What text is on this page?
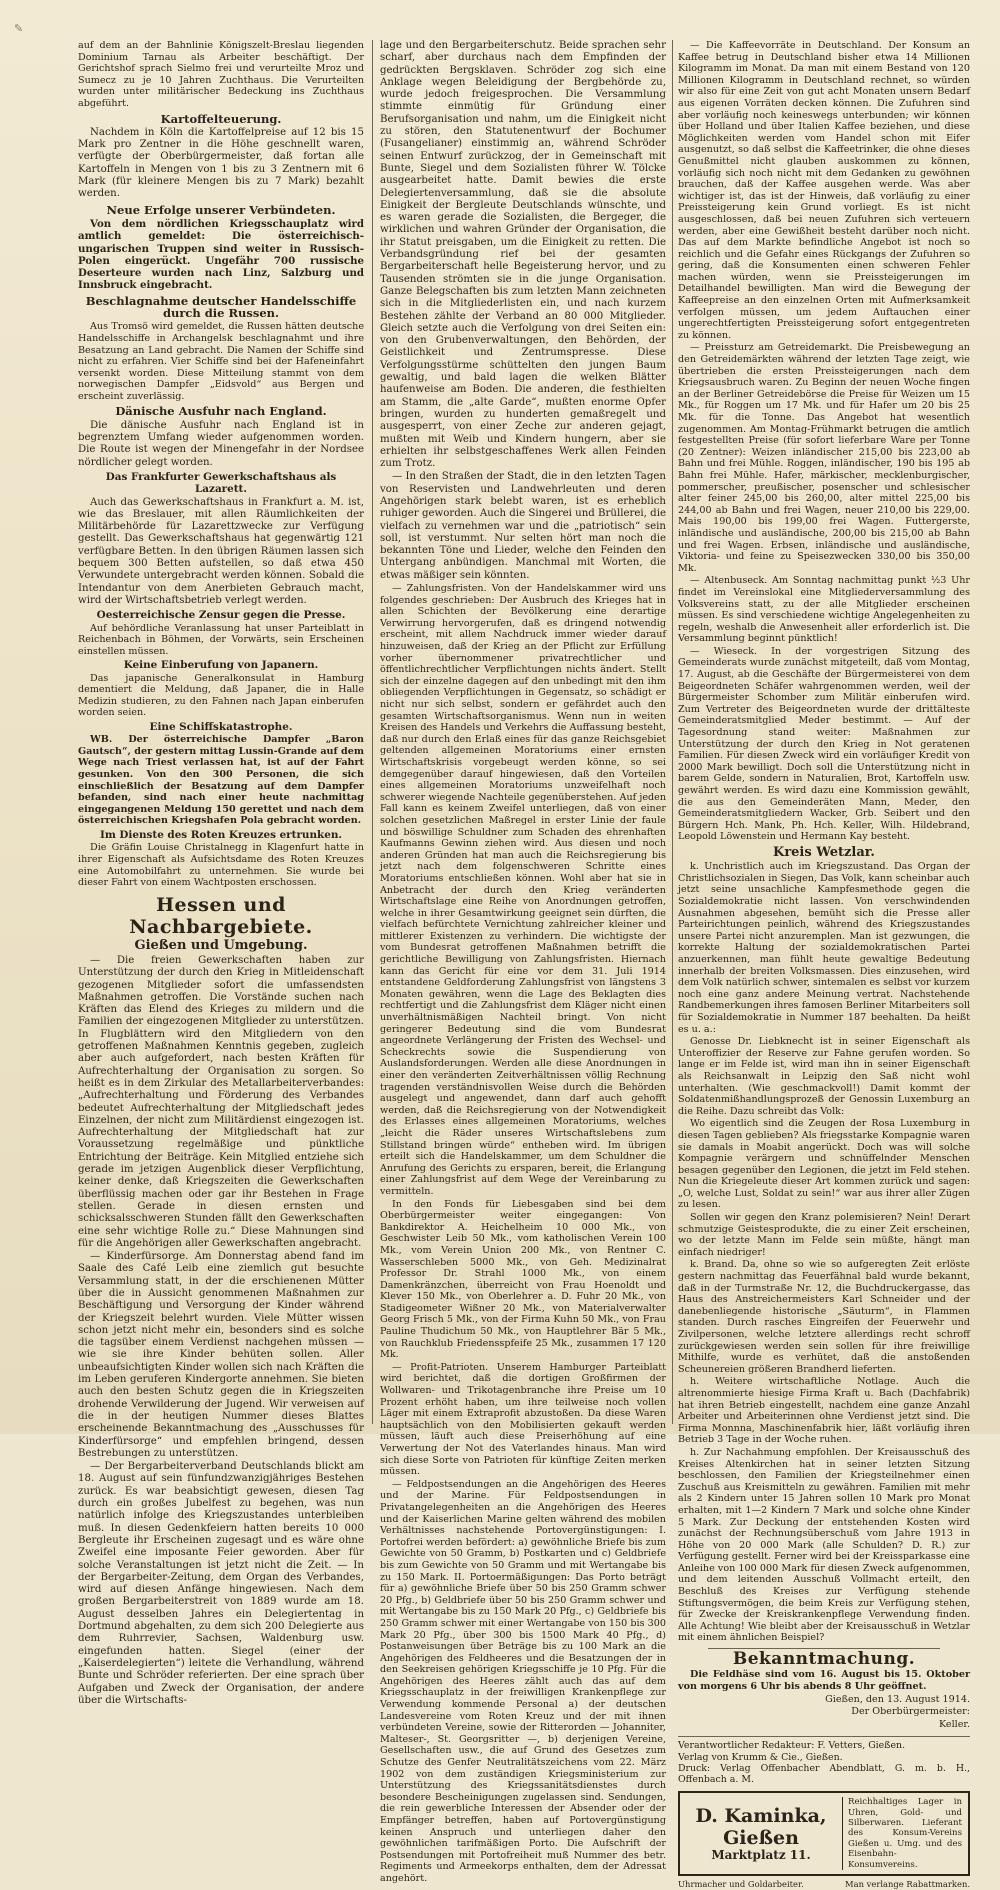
✎

auf dem an der Bahnlinie Königszelt-Breslau liegenden Dominium Tarnau als Arbeiter beschäftigt. Der Gerichtshof sprach Sielmo frei und verurteilte Mroz und Sumecz zu je 10 Jahren Zuchthaus. Die Verurteilten wurden unter militärischer Bedeckung ins Zuchthaus abgeführt.

Kartoffelteuerung.

Nachdem in Köln die Kartoffelpreise auf 12 bis 15 Mark pro Zentner in die Höhe geschnellt waren, verfügte der Oberbürgermeister, daß fortan alle Kartoffeln in Mengen von 1 bis zu 3 Zentnern mit 6 Mark (für kleinere Mengen bis zu 7 Mark) bezahlt werden.

Neue Erfolge unserer Verbündeten.

Von dem nördlichen Kriegsschauplatz wird amtlich gemeldet: Die österreichisch-ungarischen Truppen sind weiter in Russisch-Polen eingerückt. Ungefähr 700 russische Deserteure wurden nach Linz, Salzburg und Innsbruck eingebracht.

Beschlagnahme deutscher Handelsschiffe durch die Russen.

Aus Tromsö wird gemeldet, die Russen hätten deutsche Handelsschiffe in Archangelsk beschlagnahmt und ihre Besatzung an Land gebracht. Die Namen der Schiffe sind nicht zu erfahren. Vier Schiffe sind bei der Hafeneinfahrt versenkt worden. Diese Mitteilung stammt von dem norwegischen Dampfer „Eidsvold“ aus Bergen und erscheint zuverlässig.

Dänische Ausfuhr nach England.

Die dänische Ausfuhr nach England ist in begrenztem Umfang wieder aufgenommen worden. Die Route ist wegen der Minengefahr in der Nordsee nördlicher gelegt worden.

Das Frankfurter Gewerkschaftshaus als Lazarett.

Auch das Gewerkschaftshaus in Frankfurt a. M. ist, wie das Breslauer, mit allen Räumlichkeiten der Militärbehörde für Lazarettzwecke zur Verfügung gestellt. Das Gewerkschaftshaus hat gegenwärtig 121 verfügbare Betten. In den übrigen Räumen lassen sich bequem 300 Betten aufstellen, so daß etwa 450 Verwundete untergebracht werden können. Sobald die Intendantur von dem Anerbieten Gebrauch macht, wird der Wirtschaftsbetrieb verlegt werden.

Oesterreichische Zensur gegen die Presse.

Auf behördliche Veranlassung hat unser Parteiblatt in Reichenbach in Böhmen, der Vorwärts, sein Erscheinen einstellen müssen.

Keine Einberufung von Japanern.

Das japanische Generalkonsulat in Hamburg dementiert die Meldung, daß Japaner, die in Halle Medizin studieren, zu den Fahnen nach Japan einberufen worden seien.

Eine Schiffskatastrophe.

WB. Der österreichische Dampfer „Baron Gautsch“, der gestern mittag Lussin-Grande auf dem Wege nach Triest verlassen hat, ist auf der Fahrt gesunken. Von den 300 Personen, die sich einschließlich der Besatzung auf dem Dampfer befanden, sind nach einer heute nachmittag eingegangenen Meldung 150 gerettet und nach dem österreichischen Kriegshafen Pola gebracht worden.

Im Dienste des Roten Kreuzes ertrunken.

Die Gräfin Louise Christalnegg in Klagenfurt hatte in ihrer Eigenschaft als Aufsichtsdame des Roten Kreuzes eine Automobilfahrt zu unternehmen. Sie wurde bei dieser Fahrt von einem Wachtposten erschossen.

Hessen und Nachbargebiete.

Gießen und Umgebung.

— Die freien Gewerkschaften haben zur Unterstützung der durch den Krieg in Mitleidenschaft gezogenen Mitglieder sofort die umfassendsten Maßnahmen getroffen. Die Vorstände suchen nach Kräften das Elend des Krieges zu mildern und die Familien der eingezogenen Mitglieder zu unterstützen. In Flugblättern wird den Mitgliedern von den getroffenen Maßnahmen Kenntnis gegeben, zugleich aber auch aufgefordert, nach besten Kräften für Aufrechterhaltung der Organisation zu sorgen. So heißt es in dem Zirkular des Metallarbeiterverbandes: „Aufrechterhaltung und Förderung des Verbandes bedeutet Aufrechterhaltung der Mitgliedschaft jedes Einzelnen, der nicht zum Militärdienst eingezogen ist. Aufrechterhaltung der Mitgliedschaft hat zur Voraussetzung regelmäßige und pünktliche Entrichtung der Beiträge. Kein Mitglied entziehe sich gerade im jetzigen Augenblick dieser Verpflichtung, keiner denke, daß Kriegszeiten die Gewerkschaften überflüssig machen oder gar ihr Bestehen in Frage stellen. Gerade in diesen ernsten und schicksalsschweren Stunden fällt den Gewerkschaften eine sehr wichtige Rolle zu.“ Diese Mahnungen sind für die Angehörigen aller Gewerkschaften angebracht.

— Kinderfürsorge. Am Donnerstag abend fand im Saale des Café Leib eine ziemlich gut besuchte Versammlung statt, in der die erschienenen Mütter über die in Aussicht genommenen Maßnahmen zur Beschäftigung und Versorgung der Kinder während der Kriegszeit belehrt wurden. Viele Mütter wissen schon jetzt nicht mehr ein, besonders sind es solche die tagsüber einem Verdienst nachgehen müssen — wie sie ihre Kinder behüten sollen. Aller unbeaufsichtigten Kinder wollen sich nach Kräften die im Leben geruferen Kindergorte annehmen. Sie bieten auch den besten Schutz gegen die in Kriegszeiten drohende Verwilderung der Jugend. Wir verweisen auf die in der heutigen Nummer dieses Blattes erscheinende Bekanntmachung des „Ausschusses für Kinderfürsorge“ und empfehlen bringend, dessen Bestrebungen zu unterstützen.

— Der Bergarbeiterverband Deutschlands blickt am 18. August auf sein fünfundzwanzigjähriges Bestehen zurück. Es war beabsichtigt gewesen, diesen Tag durch ein großes Jubelfest zu begehen, was nun natürlich infolge des Kriegszustandes unterbleiben muß. In diesen Gedenkfeiern hatten bereits 10 000 Bergleute ihr Erscheinen zugesagt und es wäre ohne Zweifel eine imposante Feier geworden. Aber für solche Veranstaltungen ist jetzt nicht die Zeit. — In der Bergarbeiter-Zeitung, dem Organ des Verbandes, wird auf diesen Anfänge hingewiesen. Nach dem großen Bergarbeiterstreit von 1889 wurde am 18. August desselben Jahres ein Delegiertentag in Dortmund abgehalten, zu dem sich 200 Delegierte aus dem Ruhrrevier, Sachsen, Waldenburg usw. eingefunden hatten. Siegel (einer der „Kaiserdelegierten“) leitete die Verhandlung, während Bunte und Schröder referierten. Der eine sprach über Aufgaben und Zweck der Organisation, der andere über die Wirtschafts-

lage und den Bergarbeiterschutz. Beide sprachen sehr scharf, aber durchaus nach dem Empfinden der gedrückten Bergsklaven. Schröder zog sich eine Anklage wegen Beleidigung der Bergbehörde zu, wurde jedoch freigesprochen. Die Versammlung stimmte einmütig für Gründung einer Berufsorganisation und nahm, um die Einigkeit nicht zu stören, den Statutenentwurf der Bochumer (Fusangelianer) einstimmig an, während Schröder seinen Entwurf zurückzog, der in Gemeinschaft mit Bunte, Siegel und dem Sozialisten führer W. Tölcke ausgearbeitet hatte. Damit bewies die erste Delegiertenversammlung, daß sie die absolute Einigkeit der Bergleute Deutschlands wünschte, und es waren gerade die Sozialisten, die Bergeger, die wirklichen und wahren Gründer der Organisation, die ihr Statut preisgaben, um die Einigkeit zu retten. Die Verbandsgründung rief bei der gesamten Bergarbeiterschaft helle Begeisterung hervor, und zu Tausenden strömten sie in die junge Organisation. Ganze Belegschaften bis zum letzten Mann zeichneten sich in die Mitgliederlisten ein, und nach kurzem Bestehen zählte der Verband an 80 000 Mitglieder. Gleich setzte auch die Verfolgung von drei Seiten ein: von den Grubenverwaltungen, den Behörden, der Geistlichkeit und Zentrumspresse. Diese Verfolgungsstürme schüttelten den jungen Baum gewaltig, und bald lagen die welken Blätter haufenweise am Boden. Die anderen, die festhielten am Stamm, die „alte Garde“, mußten enorme Opfer bringen, wurden zu hunderten gemaßregelt und ausgesperrt, von einer Zeche zur anderen gejagt, mußten mit Weib und Kindern hungern, aber sie erhielten ihr selbstgeschaffenes Werk allen Feinden zum Trotz.

— In den Straßen der Stadt, die in den letzten Tagen von Reservisten und Landwehrleuten und deren Angehörigen stark belebt waren, ist es erheblich ruhiger geworden. Auch die Singerei und Brüllerei, die vielfach zu vernehmen war und die „patriotisch“ sein soll, ist verstummt. Nur selten hört man noch die bekannten Töne und Lieder, welche den Feinden den Untergang anbündigen. Manchmal mit Worten, die etwas mäßiger sein könnten.

— Zahlungsfristen. Von der Handelskammer wird uns folgendes geschrieben: Der Ausbruch des Krieges hat in allen Schichten der Bevölkerung eine derartige Verwirrung hervorgerufen, daß es dringend notwendig erscheint, mit allem Nachdruck immer wieder darauf hinzuweisen, daß der Krieg an der Pflicht zur Erfüllung vorher übernommener privatrechtlicher und öffentlichrechtlicher Verpflichtungen nichts ändert. Stellt sich der einzelne dagegen auf den unbedingt mit den ihm obliegenden Verpflichtungen in Gegensatz, so schädigt er nicht nur sich selbst, sondern er gefährdet auch den gesamten Wirtschaftsorganismus. Wenn nun in weiten Kreisen des Handels und Verkehrs die Auffassung besteht, daß nur durch den Erlaß eines für das ganze Reichsgebiet geltenden allgemeinen Moratoriums einer ernsten Wirtschaftskrisis vorgebeugt werden könne, so sei demgegenüber darauf hingewiesen, daß den Vorteilen eines allgemeinen Moratoriums unzweifelhaft noch schwerer wiegende Nachteile gegenüberstehen. Auf jeden Fall kann es keinem Zweifel unterliegen, daß von einer solchen gesetzlichen Maßregel in erster Linie der faule und böswillige Schuldner zum Schaden des ehrenhaften Kaufmanns Gewinn ziehen wird. Aus diesen und noch anderen Gründen hat man auch die Reichsregierung bis jetzt nach dem folgenschweren Schritte eines Moratoriums entschließen können. Wohl aber hat sie in Anbetracht der durch den Krieg veränderten Wirtschaftslage eine Reihe von Anordnungen getroffen, welche in ihrer Gesamtwirkung geeignet sein dürften, die vielfach befürchtete Vernichtung zahlreicher kleiner und mittlerer Existenzen zu verhindern. Die wichtigste der vom Bundesrat getroffenen Maßnahmen betrifft die gerichtliche Bewilligung von Zahlungsfristen. Hiernach kann das Gericht für eine vor dem 31. Juli 1914 entstandene Geldforderung Zahlungsfrist von längstens 3 Monaten gewähren, wenn die Lage des Beklagten dies rechtfertigt und die Zahlungsfrist dem Kläger nicht einen unverhältnismäßigen Nachteil bringt. Von nicht geringerer Bedeutung sind die vom Bundesrat angeordnete Verlängerung der Fristen des Wechsel- und Scheckrechts sowie die Suspendierung von Auslandsforderungen. Werden alle diese Anordnungen in einer den veränderten Zeitverhältnissen völlig Rechnung tragenden verständnisvollen Weise durch die Behörden ausgelegt und angewendet, dann darf auch gehofft werden, daß die Reichsregierung von der Notwendigkeit des Erlasses eines allgemeinen Moratoriums, welches „leicht die Räder unseres Wirtschaftslebens zum Stillstand bringen würde“ entheben wird. Im übrigen erteilt sich die Handelskammer, um dem Schuldner die Anrufung des Gerichts zu ersparen, bereit, die Erlangung einer Zahlungsfrist auf dem Wege der Vereinbarung zu vermitteln.

In den Fonds für Liebesgaben sind bei dem Oberbürgermeister weiter eingegangen: Von Bankdirektor A. Heichelheim 10 000 Mk., von Geschwister Leib 50 Mk., vom katholischen Verein 100 Mk., vom Verein Union 200 Mk., von Rentner C. Wasserschleben 5000 Mk., von Geh. Medizinalrat Professor Dr. Strahl 1000 Mk., von einem Damenkränzchen, überreicht von Frau Hoenoldt und Klever 150 Mk., von Oberlehrer a. D. Fuhr 20 Mk., von Stadigeometer Wißner 20 Mk., von Materialverwalter Georg Frisch 5 Mk., von der Firma Kuhn 50 Mk., von Frau Pauline Thudichum 50 Mk., von Hauptlehrer Bär 5 Mk., von Rauchklub Friedensspfeife 25 Mk., zusammen 17 120 Mk.

— Profit-Patrioten. Unserem Hamburger Parteiblatt wird berichtet, daß die dortigen Großfirmen der Wollwaren- und Trikotagenbranche ihre Preise um 10 Prozent erhöht haben, um ihre teilweise noch vollen Läger mit einem Extraprofit abzustoßen. Da diese Waren hauptsächlich von den Mobilisierten gekauft werden müssen, läuft auch diese Preiserhöhung auf eine Verwertung der Not des Vaterlandes hinaus. Man wird sich diese Sorte von Patrioten für künftige Zeiten merken müssen.

— Feldpostsendungen an die Angehörigen des Heeres und der Marine. Für Feldpostsendungen in Privatangelegenheiten an die Angehörigen des Heeres und der Kaiserlichen Marine gelten während des mobilen Verhältnisses nachstehende Portovergünstigungen: I. Portofrei werden befördert: a) gewöhnliche Briefe bis zum Gewichte von 50 Gramm, b) Postkarten und c) Geldbriefe bis zum Gewichte von 50 Gramm und mit Wertangabe bis zu 150 Mark. II. Portoermäßigungen: Das Porto beträgt für a) gewöhnliche Briefe über 50 bis 250 Gramm schwer 20 Pfg., b) Geldbriefe über 50 bis 250 Gramm schwer und mit Wertangabe bis zu 150 Mark 20 Pfg., c) Geldbriefe bis 250 Gramm schwer mit einer Wertangabe von 150 bis 300 Mark 20 Pfg., über 300 bis 1500 Mark 40 Pfg., d) Postanweisungen über Beträge bis zu 100 Mark an die Angehörigen des Feldheeres und die Besatzungen der in den Seekreisen gehörigen Kriegsschiffe je 10 Pfg. Für die Angehörigen des Heeres zählt auch das auf dem Kriegsschauplatz in der freiwilligen Krankenpflege zur Verwendung kommende Personal a) der deutschen Landesvereine vom Roten Kreuz und der mit ihnen verbündeten Vereine, sowie der Ritterorden — Johanniter, Malteser-, St. Georgsritter —, b) derjenigen Vereine, Gesellschaften usw., die auf Grund des Gesetzes zum Schutze des Genfer Neutralitätszeichens vom 22. März 1902 von dem zuständigen Kriegsministerium zur Unterstützung des Kriegssanitätsdienstes durch besondere Bescheinigungen zugelassen sind. Sendungen, die rein gewerbliche Interessen der Absender oder der Empfänger betreffen, haben auf Portovergünstigung keinen Anspruch und unterliegen daher den gewöhnlichen tarifmäßigen Porto. Die Aufschrift der Postsendungen mit Portofreiheit muß Nummer des betr. Regiments und Armeekorps enthalten, dem der Adressat angehört.

— Die Kaffeevorräte in Deutschland. Der Konsum an Kaffee betrug in Deutschland bisher etwa 14 Millionen Kilogramm im Monat. Da man mit einem Bestand von 120 Millionen Kilogramm in Deutschland rechnet, so würden wir also für eine Zeit von gut acht Monaten unsern Bedarf aus eigenen Vorräten decken können. Die Zufuhren sind aber vorläufig noch keineswegs unterbunden; wir können über Holland und über Italien Kaffee beziehen, und diese Möglichkeiten werden vom Handel schon mit Eifer ausgenutzt, so daß selbst die Kaffeetrinker, die ohne dieses Genußmittel nicht glauben auskommen zu können, vorläufig sich noch nicht mit dem Gedanken zu gewöhnen brauchen, daß der Kaffee ausgehen werde. Was aber wichtiger ist, das ist der Hinweis, daß vorläufig zu einer Preissteigerung kein Grund vorliegt. Es ist nicht ausgeschlossen, daß bei neuen Zufuhren sich verteuern werden, aber eine Gewißheit besteht darüber noch nicht. Das auf dem Markte befindliche Angebot ist noch so reichlich und die Gefahr eines Rückgangs der Zufuhren so gering, daß die Konsumenten einen schweren Fehler machen würden, wenn sie Preissteigerungen im Detailhandel bewilligten. Man wird die Bewegung der Kaffeepreise an den einzelnen Orten mit Aufmerksamkeit verfolgen müssen, um jedem Auftauchen einer ungerechtfertigten Preissteigerung sofort entgegentreten zu können.

— Preissturz am Getreidemarkt. Die Preisbewegung an den Getreidemärkten während der letzten Tage zeigt, wie übertrieben die ersten Preissteigerungen nach dem Kriegsausbruch waren. Zu Beginn der neuen Woche fingen an der Berliner Getreidebörse die Preise für Weizen um 15 Mk., für Roggen um 17 Mk. und für Hafer um 20 bis 25 Mk. für die Tonne. Das Angebot hat wesentlich zugenommen. Am Montag-Frühmarkt betrugen die amtlich festgestellten Preise (für sofort lieferbare Ware per Tonne (20 Zentner): Weizen inländischer 215,00 bis 223,00 ab Bahn und frei Mühle. Roggen, inländischer, 190 bis 195 ab Bahn frei Mühle. Hafer, märkischer, mecklenburgischer, pommerscher, preußischer, posenscher und schlesischer alter feiner 245,00 bis 260,00, alter mittel 225,00 bis 244,00 ab Bahn und frei Wagen, neuer 210,00 bis 229,00. Mais 190,00 bis 199,00 frei Wagen. Futtergerste, inländische und ausländische, 200,00 bis 215,00 ab Bahn und frei Wagen. Erbsen, inländische und ausländische, Viktoria- und feine zu Speisezwecken 330,00 bis 350,00 Mk.

— Altenbuseck. Am Sonntag nachmittag punkt ½3 Uhr findet im Vereinslokal eine Mitgliederversammlung des Volksvereins statt, zu der alle Mitglieder erscheinen müssen. Es sind verschiedene wichtige Angelegenheiten zu regeln, weshalb die Anwesenheit aller erforderlich ist. Die Versammlung beginnt pünktlich!

— Wieseck. In der vorgestrigen Sitzung des Gemeinderats wurde zunächst mitgeteilt, daß vom Montag, 17. August, ab die Geschäfte der Bürgermeisterei von dem Beigeordneten Schäfer wahrgenommen werden, weil der Bürgermeister Schomber zum Militär einberufen wird. Zum Vertreter des Beigeordneten wurde der drittälteste Gemeinderatsmitglied Meder bestimmt. — Auf der Tagesordnung stand weiter: Maßnahmen zur Unterstützung der durch den Krieg in Not geratenen Familien. Für diesen Zweck wird ein vorläufiger Kredit von 2000 Mark bewilligt. Doch soll die Unterstützung nicht in barem Gelde, sondern in Naturalien, Brot, Kartoffeln usw. gewährt werden. Es wird dazu eine Kommission gewählt, die aus den Gemeinderäten Mann, Meder, den Gemeinderatsmitgliedern Wacker, Grb. Seibert und den Bürgern Hch. Mank, Ph. Hch. Keller, Wilh. Hildebrand, Leopold Löwenstein und Hermann Kay besteht.

Kreis Wetzlar.

k. Unchristlich auch im Kriegszustand. Das Organ der Christlichsozialen in Siegen, Das Volk, kann scheinbar auch jetzt seine unsachliche Kampfesmethode gegen die Sozialdemokratie nicht lassen. Von verschwindenden Ausnahmen abgesehen, bemüht sich die Presse aller Parteirichtungen peinlich, während des Kriegszustandes unsere Partei nicht anzuremplen. Man ist gezwungen, die korrekte Haltung der sozialdemokratischen Partei anzuerkennen, man fühlt heute gewaltige Bedeutung innerhalb der breiten Volksmassen. Dies einzusehen, wird dem Volk natürlich schwer, sintemalen es selbst vor kurzem noch eine ganz andere Meinung vertrat. Nachstehende Randbemerkungen ihres famosen Berliner Mitarbeiters soll für Sozialdemokratie in Nummer 187 beehalten. Da heißt es u. a.:

Genosse Dr. Liebknecht ist in seiner Eigenschaft als Unteroffizier der Reserve zur Fahne gerufen worden. So lange er im Felde ist, wird man ihn in seiner Eigenschaft als Reichsanwalt in Leipzig den Saß nicht wohl unterhalten. (Wie geschmackvoll!) Damit kommt der Soldatenmißhandlungsprozeß der Genossin Luxemburg an die Reihe. Dazu schreibt das Volk:

Wo eigentlich sind die Zeugen der Rosa Luxemburg in diesen Tagen geblieben? Als friegsstarke Kompagnie waren sie damals in Moabit angerückt. Doch was will solche Kompagnie verärgern und schnüffelnder Menschen besagen gegenüber den Legionen, die jetzt im Feld stehen. Nun die Kriegeleute dieser Art kommen zurück und sagen: „O, welche Lust, Soldat zu sein!“ war aus ihrer aller Zügen zu lesen.

Sollen wir gegen den Kranz polemisieren? Nein! Derart schmutzige Geistesprodukte, die zu einer Zeit erscheinen, wo der letzte Mann im Felde sein müßte, hängt man einfach niedriger!

k. Brand. Da, ohne so wie so aufgeregten Zeit erlöste gestern nachmittag das Feuerfähnal bald wurde bekannt, daß in der Turmstraße Nr. 12, die Buchdruckergasse, das Haus des Anstreichermeisters Karl Schneider und der danebenliegende historische „Säuturm“, in Flammen standen. Durch rasches Eingreifen der Feuerwehr und Zivilpersonen, welche letztere allerdings recht schroff zurückgewiesen werden sein sollen für ihre freiwillige Mithilfe, wurde es verhütet, daß die anstoßenden Scheunereien größeren Brandherd lieferten.

h. Weitere wirtschaftliche Notlage. Auch die altrenommierte hiesige Firma Kraft u. Bach (Dachfabrik) hat ihren Betrieb eingestellt, nachdem eine ganze Anzahl Arbeiter und Arbeiterinnen ohne Verdienst jetzt sind. Die Firma Monnna, Maschinenfabrik hier, läßt vorläufig ihren Betrieb 3 Tage in der Woche ruhen.

h. Zur Nachahmung empfohlen. Der Kreisausschuß des Kreises Altenkirchen hat in seiner letzten Sitzung beschlossen, den Familien der Kriegsteilnehmer einen Zuschuß aus Kreismitteln zu gewähren. Familien mit mehr als 2 Kindern unter 15 Jahren sollen 10 Mark pro Monat erhalten, mit 1—2 Kindern 7 Mark und solche ohne Kinder 5 Mark. Zur Deckung der entstehenden Kosten wird zunächst der Rechnungsüberschuß vom Jahre 1913 in Höhe von 20 000 Mark (alle Schulden? D. R.) zur Verfügung gestellt. Ferner wird bei der Kreissparkasse eine Anleihe von 100 000 Mark für diesen Zweck aufgenommen, und dem leitenden Ausschuß Vollmacht erteilt, den Beschluß des Kreises zur Verfügung stehende Stiftungsvermögen, die beim Kreis zur Verfügung stehen, für Zwecke der Kreiskrankenpflege Verwendung finden. Alle Achtung! Wie bleibt aber der Kreisausschuß in Wetzlar mit einem ähnlichen Beispiel?

Bekanntmachung.

Die Feldhäse sind vom 16. August bis 15. Oktober von morgens 6 Uhr bis abends 8 Uhr geöffnet.

Gießen, den 13. August 1914.

Der Oberbürgermeister:

Keller.

Verantwortlicher Redakteur: F. Vetters, Gießen.
Verlag von Krumm & Cie., Gießen.
Druck: Verlag Offenbacher Abendblatt, G. m. b. H., Offenbach a. M.
D. Kaminka, Gießen
Marktplatz 11.
Reichhaltiges Lager in Uhren, Gold- und Silberwaren. Lieferant des Konsum-Vereins Gießen u. Umg. und des Eisenbahn-Konsumvereins.
Uhrmacher und Goldarbeiter.	Man verlange Rabattmarken.
